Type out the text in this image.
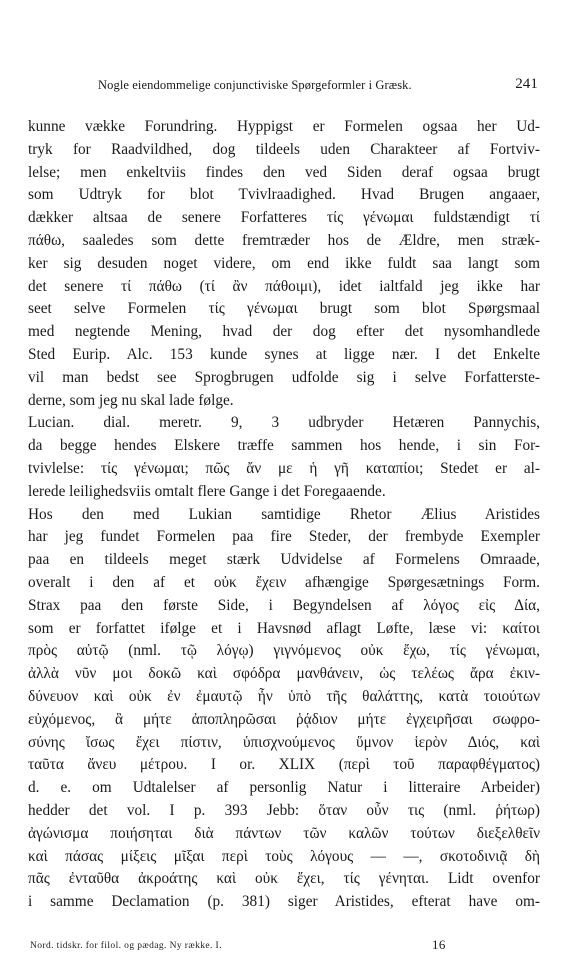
Nogle eiendommelige conjunctiviske Spørgeformler i Græsk.	241
kunne vække Forundring. Hyppigst er Formelen ogsaa her Ud-
tryk for Raadvildhed, dog tildeels uden Charakteer af Fortviv-
lelse; men enkeltviis findes den ved Siden deraf ogsaa brugt
som Udtryk for blot Tvivlraadighed. Hvad Brugen angaaer,
dækker altsaa de senere Forfatteres τίς γένωμαι fuldstændigt τί
πάθω, saaledes som dette fremtræder hos de Ældre, men stræk-
ker sig desuden noget videre, om end ikke fuldt saa langt som
det senere τί πάθω (τί ἂν πάθοιμι), idet ialtfald jeg ikke har
seet selve Formelen τίς γένωμαι brugt som blot Spørgsmaal
med negtende Mening, hvad der dog efter det nysomhandlede
Sted Eurip. Alc. 153 kunde synes at ligge nær. I det Enkelte
vil man bedst see Sprogbrugen udfolde sig i selve Forfatterste-
derne, som jeg nu skal lade følge.
Lucian. dial. meretr. 9, 3 udbryder Hetæren Pannychis,
da begge hendes Elskere træffe sammen hos hende, i sin For-
tvivlelse: τίς γένωμαι; πῶς ἄν με ἡ γῆ καταπίοι; Stedet er al-
lerede leilighedsviis omtalt flere Gange i det Foregaaende.
Hos den med Lukian samtidige Rhetor Ælius Aristides
har jeg fundet Formelen paa fire Steder, der frembyde Exempler
paa en tildeels meget stærk Udvidelse af Formelens Omraade,
overalt i den af et οὐκ ἔχειν afhængige Spørgesætnings Form.
Strax paa den første Side, i Begyndelsen af λόγος εἰς Δία,
som er forfattet ifølge et i Havsnød aflagt Løfte, læse vi: καίτοι
πρὸς αὐτῷ (nml. τῷ λόγῳ) γιγνόμενος οὐκ ἔχω, τίς γένωμαι,
ἀλλὰ νῦν μοι δοκῶ καὶ σφόδρα μανθάνειν, ὡς τελέως ἄρα ἐκιν-
δύνευον καὶ οὐκ ἐν ἐμαυτῷ ἦν ὑπὸ τῆς θαλάττης, κατὰ τοιούτων
εὐχόμενος, ἃ μήτε ἀποπληρῶσαι ῥᾴδιον μήτε ἐγχειρῆσαι σωφρο-
σύνης ἴσως ἔχει πίστιν, ὑπισχνούμενος ὕμνον ἱερὸν Διός, καὶ
ταῦτα ἄνευ μέτρου. I or. XLIX (περὶ τοῦ παραφθέγματος)
d. e. om Udtalelser af personlig Natur i litteraire Arbeider)
hedder det vol. I p. 393 Jebb: ὅταν οὖν τις (nml. ῥήτωρ)
ἀγώνισμα ποιήσηται διὰ πάντων τῶν καλῶν τούτων διεξελθεῖν
καὶ πάσας μίξεις μῖξαι περὶ τοὺς λόγους — —, σκοτοδινιᾷ δὴ
πᾶς ἐνταῦθα ἀκροάτης καὶ οὐκ ἔχει, τίς γένηται. Lidt ovenfor
i samme Declamation (p. 381) siger Aristides, efterat have om-
Nord. tidskr. for filol. og pædag. Ny række. I.	16
